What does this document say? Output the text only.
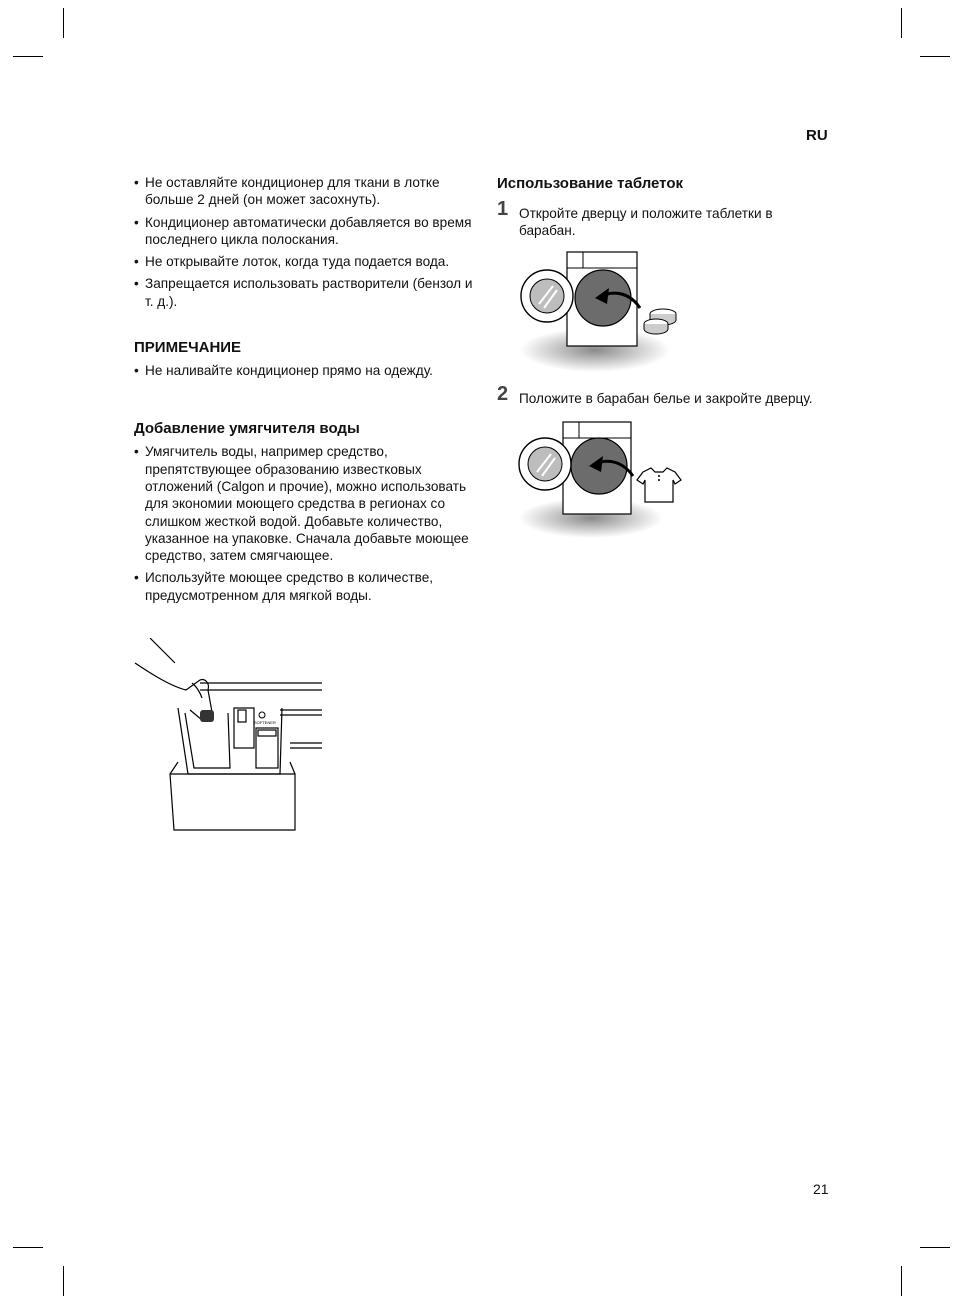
RU
• Не оставляйте кондиционер для ткани в лотке больше 2 дней (он может засохнуть).
• Кондиционер автоматически добавляется во время последнего цикла полоскания.
• Не открывайте лоток, когда туда подается вода.
• Запрещается использовать растворители (бензол и т. д.).
ПРИМЕЧАНИЕ
• Не наливайте кондиционер прямо на одежду.
Добавление умягчителя воды
• Умягчитель воды, например средство, препятствующее образованию известковых отложений (Calgon и прочие), можно использовать для экономии моющего средства в регионах со слишком жесткой водой. Добавьте количество, указанное на упаковке. Сначала добавьте моющее средство, затем смягчающее.
• Используйте моющее средство в количестве, предусмотренном для мягкой воды.
SOFTENER
Использование таблеток
1 Откройте дверцу и положите таблетки в барабан.
2 Положите в барабан белье и закройте дверцу.
21
